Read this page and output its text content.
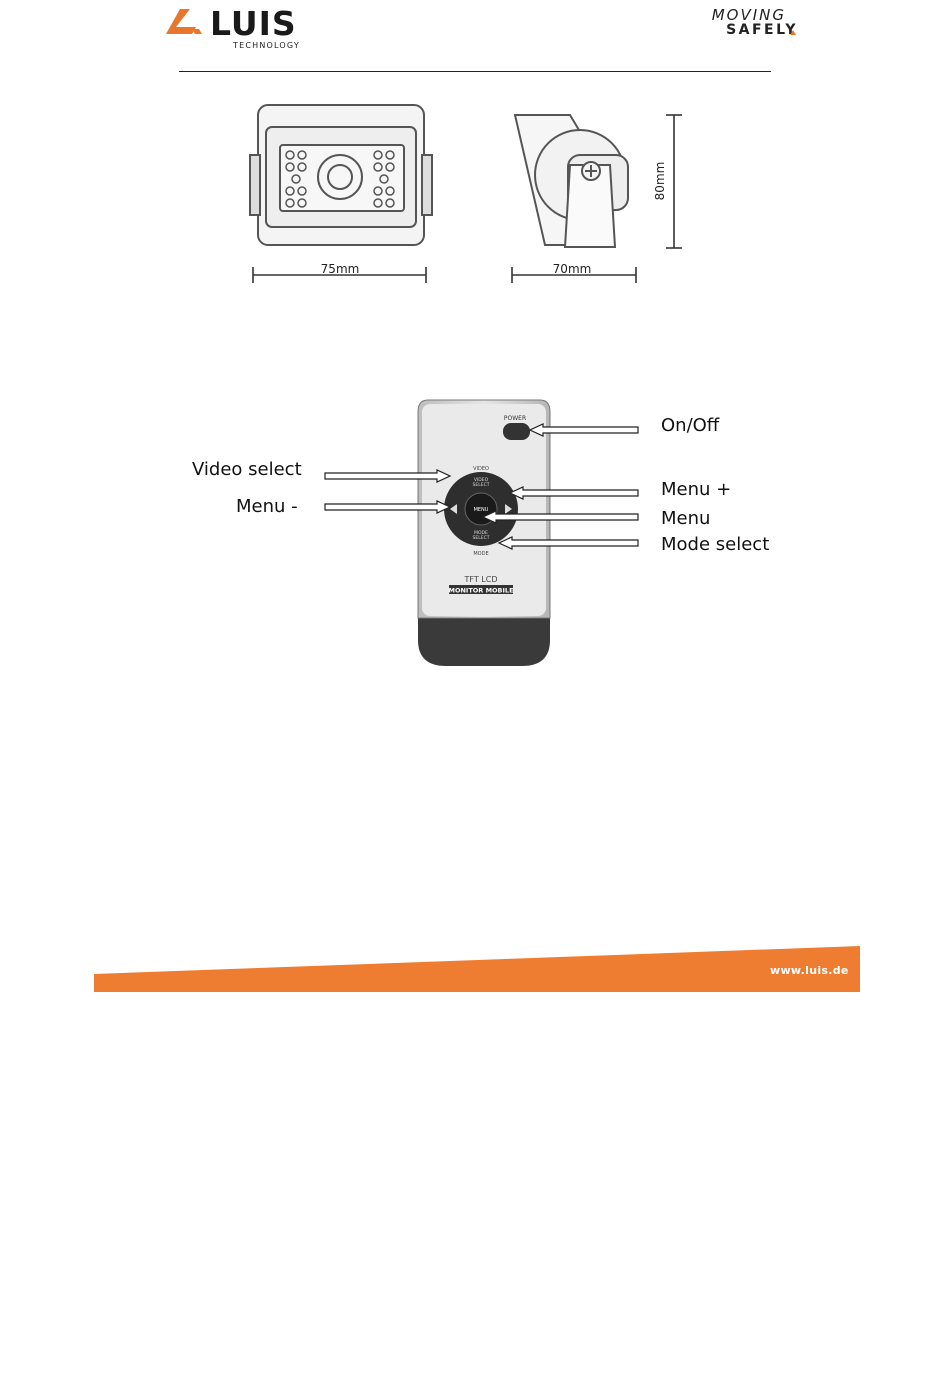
LUIS
TECHNOLOGY
MOVING
SAFELY
75mm	70mm
80mm
POWER
VIDEO
VIDEO
SELECT
MENU
MODE
SELECT
MODE
TFT LCD
MONITOR MOBILE
On/Off
Video select
Menu -
Menu +
Menu
Mode select
www.luis.de
